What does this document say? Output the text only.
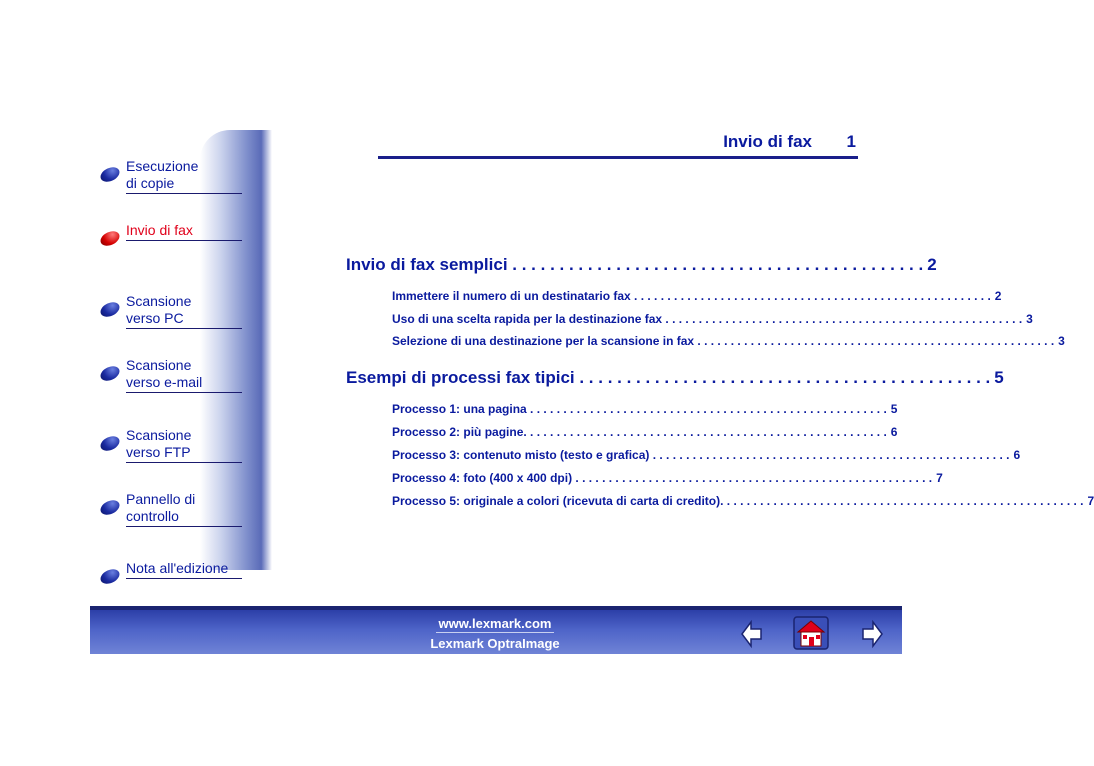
Esecuzione
di copie
Invio di fax
Scansione
verso PC
Scansione
verso e-mail
Scansione
verso FTP
Pannello di
controllo
Nota all'edizione
Invio di fax 1
Invio di fax semplici . . . . . . . . . . . . . . . . . . . . . . . . . . . . . . . . . . . . . . . . . . . . 2
Immettere il numero di un destinatario fax . . . . . . . . . . . . . . . . . . . . . . . . . . . . . . . . . . . . . . . . . . . . . . . . . . . . . . 2
Uso di una scelta rapida per la destinazione fax . . . . . . . . . . . . . . . . . . . . . . . . . . . . . . . . . . . . . . . . . . . . . . . . . . . . . . 3
Selezione di una destinazione per la scansione in fax . . . . . . . . . . . . . . . . . . . . . . . . . . . . . . . . . . . . . . . . . . . . . . . . . . . . . . 3
Esempi di processi fax tipici . . . . . . . . . . . . . . . . . . . . . . . . . . . . . . . . . . . . . . . . . . . . 5
Processo 1: una pagina . . . . . . . . . . . . . . . . . . . . . . . . . . . . . . . . . . . . . . . . . . . . . . . . . . . . . . 5
Processo 2: più pagine . . . . . . . . . . . . . . . . . . . . . . . . . . . . . . . . . . . . . . . . . . . . . . . . . . . . . . . 6
Processo 3: contenuto misto (testo e grafica) . . . . . . . . . . . . . . . . . . . . . . . . . . . . . . . . . . . . . . . . . . . . . . . . . . . . . . 6
Processo 4: foto (400 x 400 dpi) . . . . . . . . . . . . . . . . . . . . . . . . . . . . . . . . . . . . . . . . . . . . . . . . . . . . . . 7
Processo 5: originale a colori (ricevuta di carta di credito) . . . . . . . . . . . . . . . . . . . . . . . . . . . . . . . . . . . . . . . . . . . . . . . . . . . . . . . 7
www.lexmark.com
Lexmark OptraImage
